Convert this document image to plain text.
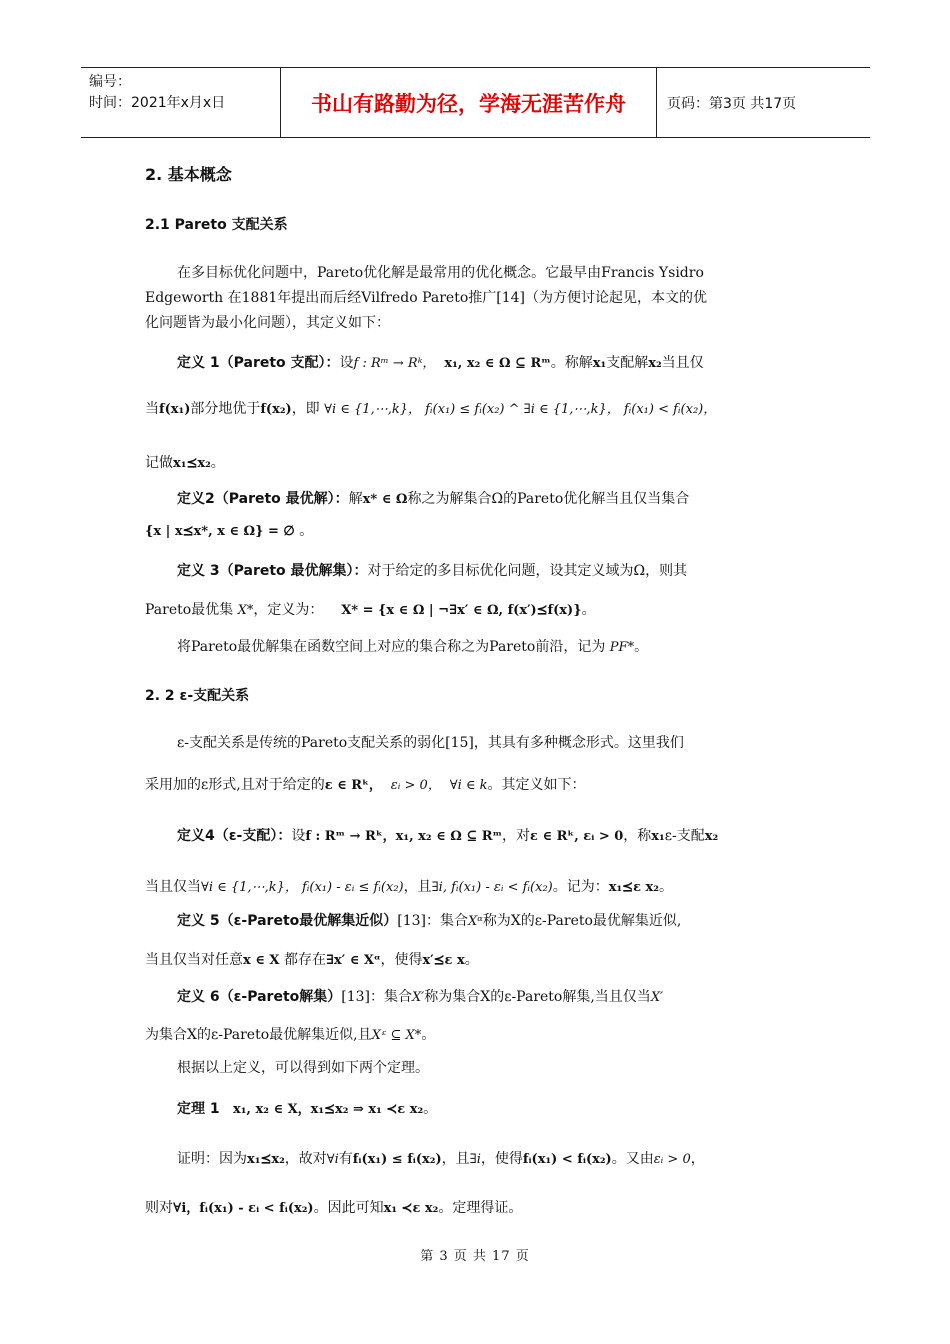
编号：
时间：2021年x月x日	书山有路勤为径，学海无涯苦作舟	页码：第3页 共17页
2. 基本概念
2.1 Pareto 支配关系
在多目标优化问题中，Pareto优化解是最常用的优化概念。它最早由Francis Ysidro
Edgeworth 在1881年提出而后经Vilfredo Pareto推广[14]（为方便讨论起见，本文的优
化问题皆为最小化问题），其定义如下：
定义 1（Pareto 支配）：设f : Rᵐ → Rᵏ， x₁, x₂ ∈ Ω ⊆ Rᵐ。称解x₁支配解x₂当且仅
当f(x₁)部分地优于f(x₂)，即 ∀i ∈ {1,⋯,k}， fᵢ(x₁) ≤ fᵢ(x₂) ^ ∃i ∈ {1,⋯,k}， fᵢ(x₁) < fᵢ(x₂)，
记做x₁⪯x₂。
定义2（Pareto 最优解）：解x* ∈ Ω称之为解集合Ω的Pareto优化解当且仅当集合
{x | x⪯x*, x ∈ Ω} = ∅ 。
定义 3（Pareto 最优解集）：对于给定的多目标优化问题，设其定义域为Ω，则其
Pareto最优集 X*，定义为： X* = {x ∈ Ω | ¬∃x′ ∈ Ω, f(x′)⪯f(x)}。
将Pareto最优解集在函数空间上对应的集合称之为Pareto前沿，记为 PF*。
2. 2 ε-支配关系
ε-支配关系是传统的Pareto支配关系的弱化[15]，其具有多种概念形式。这里我们
采用加的ε形式,且对于给定的ε ∈ Rᵏ， εᵢ > 0， ∀i ∈ k。其定义如下：
定义4（ε-支配）：设f : Rᵐ → Rᵏ，x₁, x₂ ∈ Ω ⊆ Rᵐ，对ε ∈ Rᵏ, εᵢ > 0，称x₁ε-支配x₂
当且仅当∀i ∈ {1,⋯,k}， fᵢ(x₁) - εᵢ ≤ fᵢ(x₂)，且∃i, fᵢ(x₁) - εᵢ < fᵢ(x₂)。记为：x₁⪯ε x₂。
定义 5（ε-Pareto最优解集近似）[13]：集合Xᵅ称为X的ε-Pareto最优解集近似,
当且仅当对任意x ∈ X 都存在∃x′ ∈ Xᵅ，使得x′⪯ε x。
定义 6（ε-Pareto解集）[13]：集合X′称为集合X的ε-Pareto解集,当且仅当X′
为集合X的ε-Pareto最优解集近似,且Xᵋ ⊆ X*。
根据以上定义，可以得到如下两个定理。
定理 1 x₁, x₂ ∈ X，x₁⪯x₂ ⇒ x₁ ≺ε x₂。
证明：因为x₁⪯x₂，故对∀i有fᵢ(x₁) ≤ fᵢ(x₂)，且∃i，使得fᵢ(x₁) < fᵢ(x₂)。又由εᵢ > 0，
则对∀i，fᵢ(x₁) - εᵢ < fᵢ(x₂)。因此可知x₁ ≺ε x₂。定理得证。
第 3 页 共 17 页
